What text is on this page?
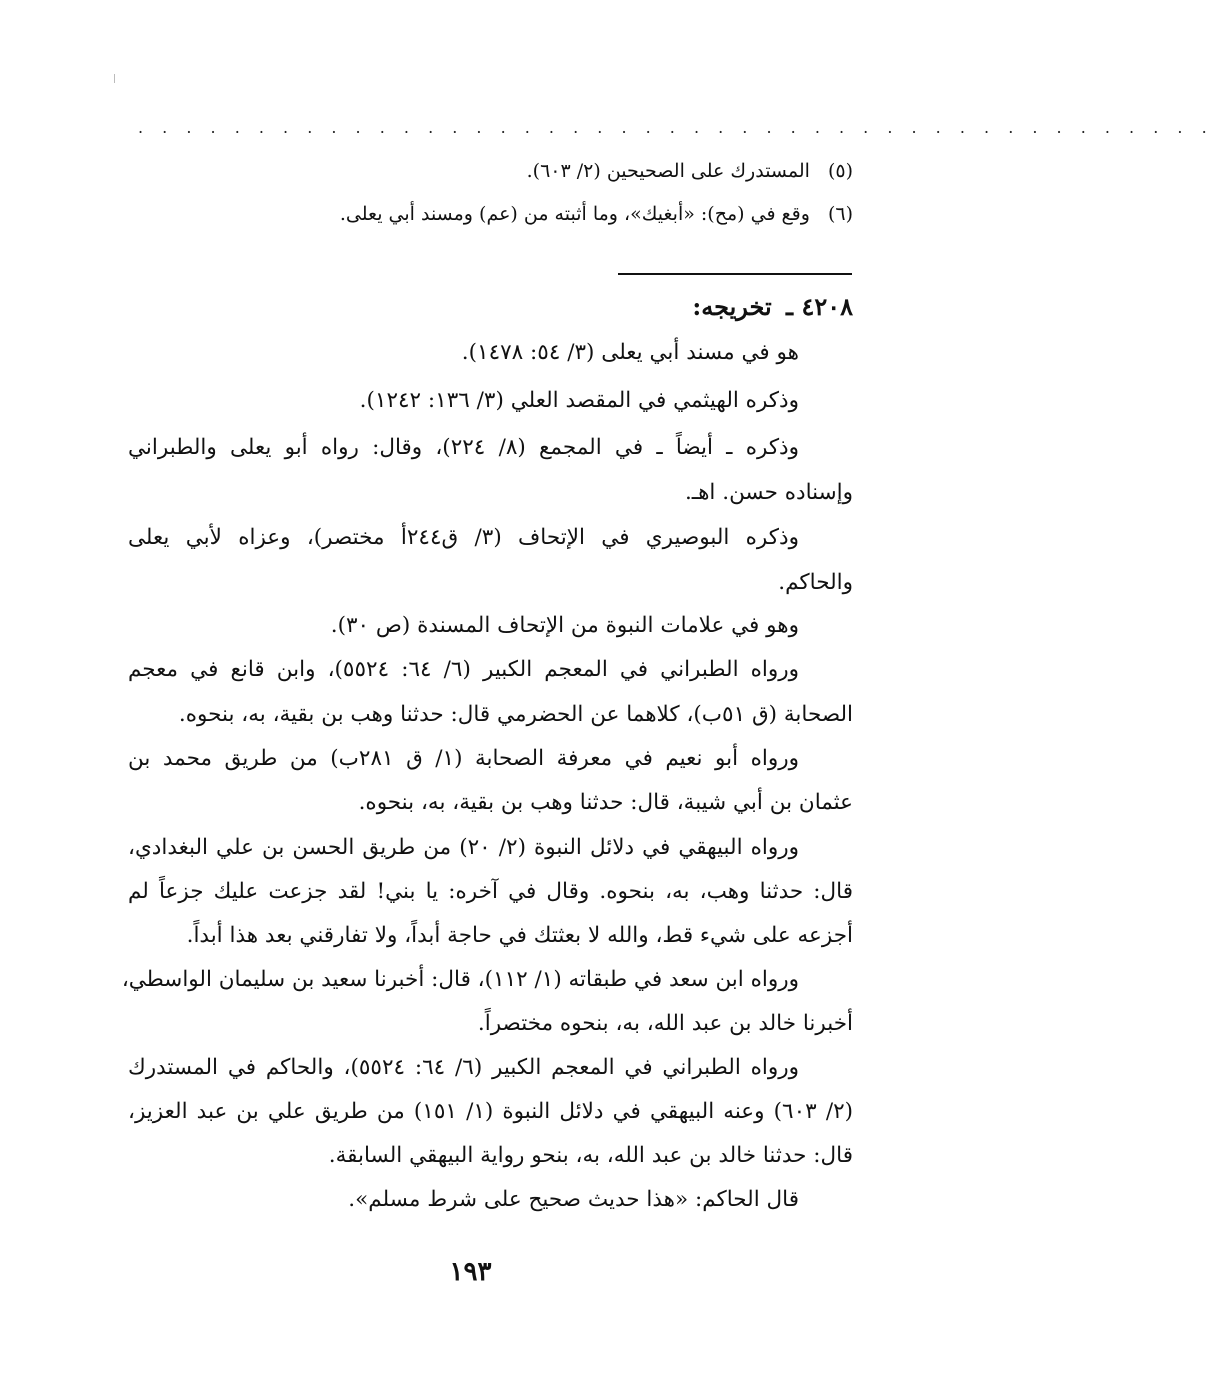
. . . . . . . . . . . . . . . . . . . . . . . . . . . . . . . . . . . . . . . . . . . . .
(٥)المستدرك على الصحيحين (٢/ ٦٠٣).
(٦)وقع في (مح): «أبغيك»، وما أثبته من (عم) ومسند أبي يعلى.
٤٢٠٨ ـ تخريجه:
هو في مسند أبي يعلى (٣/ ٥٤: ١٤٧٨).
وذكره الهيثمي في المقصد العلي (٣/ ١٣٦: ١٢٤٢).
وذكره ـ أيضاً ـ في المجمع (٨/ ٢٢٤)، وقال: رواه أبو يعلى والطبراني
وإسناده حسن. اهـ.
وذكره البوصيري في الإتحاف (٣/ ق٢٤٤أ مختصر)، وعزاه لأبي يعلى
والحاكم.
وهو في علامات النبوة من الإتحاف المسندة (ص ٣٠).
ورواه الطبراني في المعجم الكبير (٦/ ٦٤: ٥٥٢٤)، وابن قانع في معجم
الصحابة (ق ٥١ب)، كلاهما عن الحضرمي قال: حدثنا وهب بن بقية، به، بنحوه.
ورواه أبو نعيم في معرفة الصحابة (١/ ق ٢٨١ب) من طريق محمد بن
عثمان بن أبي شيبة، قال: حدثنا وهب بن بقية، به، بنحوه.
ورواه البيهقي في دلائل النبوة (٢/ ٢٠) من طريق الحسن بن علي البغدادي،
قال: حدثنا وهب، به، بنحوه. وقال في آخره: يا بني! لقد جزعت عليك جزعاً لم
أجزعه على شيء قط، والله لا بعثتك في حاجة أبداً، ولا تفارقني بعد هذا أبداً.
ورواه ابن سعد في طبقاته (١/ ١١٢)، قال: أخبرنا سعيد بن سليمان الواسطي،
أخبرنا خالد بن عبد الله، به، بنحوه مختصراً.
ورواه الطبراني في المعجم الكبير (٦/ ٦٤: ٥٥٢٤)، والحاكم في المستدرك
(٢/ ٦٠٣) وعنه البيهقي في دلائل النبوة (١/ ١٥١) من طريق علي بن عبد العزيز،
قال: حدثنا خالد بن عبد الله، به، بنحو رواية البيهقي السابقة.
قال الحاكم: «هذا حديث صحيح على شرط مسلم».
١٩٣
